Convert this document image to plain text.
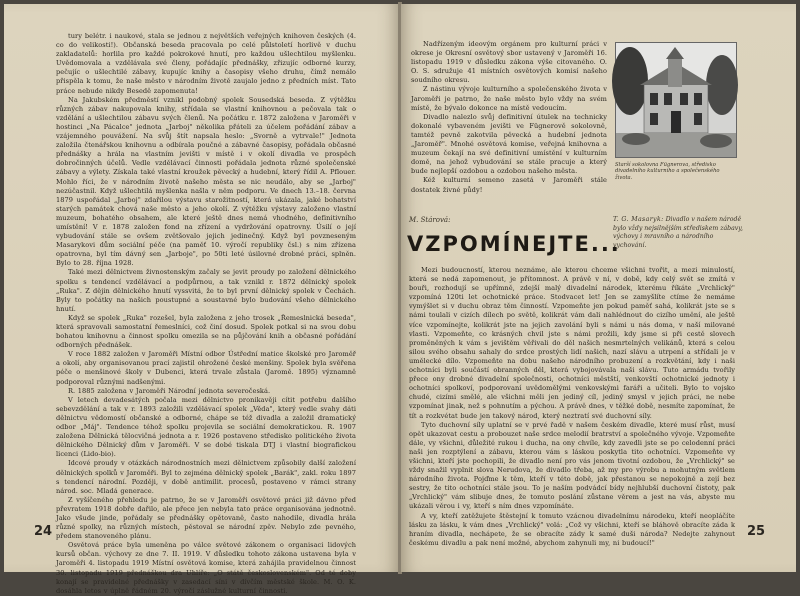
tury belétr. i naukové, stala se jednou z největších veřejných knihoven českých (4. co do velikosti!). Občanská beseda pracovala po celé půlstoletí horlivě v duchu zakladatelů: horlila pro každé pokrokové hnutí, pro každou ušlechtilou myšlenku. Uvědomovala a vzdělávala své členy, pořádajíc přednášky, zřizujíc odborné kurzy, pečujíc o ušlechtilé zábavy, kupujíc knihy a časopisy všeho druhu, čímž nemálo přispěla k tomu, že naše město v národním životě zaujalo jedno z předních míst. Tato práce nebude nikdy Besedě zapomenuta!

Na Jakubském předměstí vznikl podobný spolek Sousedská beseda. Z výtěžku různých zábav nakupovala knihy, střídala se vlastní knihovnou a pečovala tak o vzdělání a ušlechtilou zábavu svých členů. Na počátku r. 1872 založena v Jaroměři v hostinci „Na Pácalce" jednota „Jarboj" několika přáteli za účelem pořádání zábav a vzájemného pouvážení. Na svůj štít napsala heslo: „Svorně a vytrvale!" Jednota založila čtenářskou knihovnu a odbírala poučné a zábavné časopisy, pořádala občasné přednášky a hrála na vlastním jevišti v místě i v okolí divadla ve prospěch dobročinných účelů. Vedle vzdělávací činnosti pořádala jednota různé společenské zábavy a výlety. Získala také vlastní kroužek pěvecký a hudební, který řídil A. Pflouer. Mohlo říci, že v národním životě našeho města se nic neudálo, aby se „Jarboj" nezúčastnil. Když ušlechtilá myšlenka našla v něm podporu. Ve dnech 13.–18. června 1879 uspořádal „Jarboj" zdařilou výstavu starožitností, která ukázala, jaké bohatství starých památek chová naše město a jeho okolí. Z výtěžku výstavy založeno vlastní muzeum, bohatého obsahem, ale které ještě dnes nemá vhodného, definitivního umístění! V r. 1878 založen fond na zřízení a vydržování opatrovny. Úsilí o její vybudování stále se ovšem zvětšovalo jejich jedinečný. Když byl povzneseným Masarykovi dům sociální péče (na paměť 10. výročí republiky čsl.) s nim zřízena opatrovna, byl tím dávný sen „Jarboje", po 50ti leté úsilovné drobné práci, splněn. Bylo to 28. října 1928.

Také mezi dělnictvem živnostenským začaly se jevit proudy po založení dělnického spolku s tendencí vzdělávací a podpůrnou, a tak vznikl r. 1872 dělnický spolek „Ruka". Z dějin dělnického hnutí vyssvitá, že to byl první dělnický spolek v Čechách. Byly to počátky na našich poustupné a soustavné bylo budování všeho dělnického hnutí.

Když se spolek „Ruka" rozešel, byla založena z jeho trosek „Řemeslnická beseda", která spravovali samostatní řemeslníci, což činí dosud. Spolek potkal si na svou dobu bohatou knihovnu a činnost spolku omezila se na půjčování knih a občasné pořádání odborných přednášek.

V roce 1882 založen v Jaroměři Místní odbor Ústřední matice školské pro Jaroměř a okolí, aby organisovanou prací zajistil ohrožené české menšiny. Spolek byla svěřena péče o menšinové školy v Dubenci, která trvale zůstala (Jaromě. 1895) významně podporoval různými nadšenými.

R. 1885 založena v Jaroměři Národní jednota severočeská.

V letech devadesátých počala mezi dělnictvo pronikavěji cítit potřebu dalšího sebevzdělání a tak v r. 1893 založili vzdělávací spolek „Věda", který vedle svahy dáti dělnictvu vědomostí občanské a odborné, chápe se též divadla a založil dramatický odbor „Máj". Tendence téhož spolku projevila se sociální demokratickou. R. 1907 založena Dělnická tělocvičná jednota a r. 1926 postaveno střediskо politického života dělnického Dělnický dům v Jaroměři. V se dobé tiskala DTJ i vlastní biografickou licenci (Lido-bio).

Idcové proudy v otázkách národnostních mezi dělnictvem způsobily další založení dělnických spolků v Jaroměři. Byl to zejména dělnický spolek „Barák", zakl. roku 1897 s tendencí národní. Později, v době antimilit. procesů, postaveno v rámci strany národ. soc. Mladá generace.

Z vyšíčeného přehledu je patrno, že se v Jaroměři osvětové práci již dávno před převratem 1918 dobře dařilo, ale přece jen nebyla tato práce organisována jednotně. Jako všude jinde, pořádaly se přednášky opětovaně, často nahodile, divadla hrála různé spolky, na různých místech, pěstoval se národní zpěv. Nebylo zde pevného, předem stanoveného plánu.

Osvětová práce byla umeněna po válce světové zákonem o organisaci lidových kursů občan. výchovy ze dne 7. II. 1919. V důsledku tohoto zákona ustavena byla v Jaroměři 4. listopadu 1919 Místní osvětová komise, která zahájila pravidelnou činnost 30. listopadu 1919 přednáškou dra Uhlíře: „O státě československém". Od té doby konají se pravidelné přednášky v zasedací síni v dívčím městské škole. M. O. K. dosáhla letos v úplně řádném 20. výročí záslužné kulturní činnosti.

24

Nadřízeným ideovým orgánem pro kulturní práci v okrese je Okresní osvětový sbor ustavený v Jaroměři 16. listopadu 1919 v důsledku zákona výše citovaného. O. O. S. sdružuje 41 místních osvětových komisí našeho soudního okresu.

Z nástinu vývoje kulturního a společenského života v Jaroměři je patrno, že naše město bylo vždy na svém místě, že bývalo dokonce na místě vedoucím.

Divadlo nalezlo svůj definitivní útulek na technicky dokonalé vybaveném jevišti ve Fügnerově sokolovně, tamtéž pevně zakotvila pěvecká a hudební jednota „Jaroměř". Mnohé osvětová komise, veřejná knihovna a muzeum čekají na své definitivní umístění v kulturním domě, na jehož vybudování se stále pracuje a který bude nejlepší ozdobou a ozdobou našeho města.

Kéž kulturní semeno zasetá v Jaroměři stále dostatek živné půdy!

Starší sokolovna Fügnerova, středisko divadelního kulturního a společenského života.
M. Stárová:	T. G. Masaryk: Divadlo v našem národě bylo vždy nejsilnějším střediskem zábavy, výchovy i mravního a národního vychování.
VZPOMÍNEJTE...

Mezi budoucností, kterou neznáme, ale kterou chceme všichni tvořit, a mezi minulostí, která se nedá zapomenout, je přítomnost. A právě v ní, v době, kdy celý svět se zmítá v bouři, rozhodují se upřímně, zdejší malý divadelní národek, kterému říkáte „Vrchlický" vzpomíná 120ti let ochotnické práce. Stodvacet let! Jen se zamyšlíte ctíme že nemáme vymýšlet si v duchu obraz těm činností. Vzpomeňte jen pokud paměť sahá, kolikrát jste se s námi toulali v cizích dílech po světě, kolikrát vám dali nahlédnout do cizího umění, ale ještě více vzpomínejte, kolikrát jste na jejich zavolání byli s námi u nás doma, v naší milované vlasti. Vzpomeňte, co krásných chvil jste s námi prožili, kdy jsme si při cestě slovech proměněných k vám s jevištěm věřivali do děl našich nesmrtelných velikánů, která s celou silou svého obsahu sahaly do srdce prostých lidí našich, nazí slávu a utrpení a střídali je v umělecké dílo. Vzpomeňte na dobu našeho národního probuzení a rozkvětání, kdy i naši ochotníci byli součástí obranných děl, která vybojovávala naši slávu. Tuto armádu tvořily přece ony drobné divadelní společnosti, ochotníci městští, venkovští ochotnické jednoty i ochotníci spolkoví, podporovaní uvědomělými venkovskými faráři a učiteli. Bylo to vojsko chudé, cizími smělé, ale všichni měli jen jediný cíl, jediný smysl v jejich práci, ne nebe vzpomínat jinak, než s pohnutím a pýchou. A právě dnes, v těžké době, nesmíte zapomínat, že tít a rozkvétat bude jen takový národ, který neztratí své duchovní síly.

Tyto duchovní síly uplatní se v prvé řadě v našem českém divadle, které musí růst, musí opět ukazovat cestu a probouzet naše srdce melodií bratrství a společného vývoje. Vzpomeňte dále, vy všichni, důležité rukou i ducha, na ony chvíle, kdy zavedli jste se po celodenní práci naši jen rozptýlení a zábavu, kterou vám s láskou poskytla tito ochotníci. Vzpomeňte vy všichni, kteří jste pochopili, že divadlo není pro vás jenom tivotní ozdobou, že „Vrchlický" se vždy snažil vyplnit slova Nerudova, že divadlo třeba, až my pro výrobu a mohutným světlem národního života. Pojďme k těm, kteří v této době, jak přestanou se nepokojně a zejí bez sestry, že tito ochotníci stále jsou. To je naším podvádcí bídy nejhlubší duchovní čistoty, pak „Vrchlický" vám slibuje dnes, že tomuto poslání zůstane věrem a jest na vás, abyste mu ukázali věrou i vy, kteří s ním dnes vzpomínáte.

A vy, kteří zatěžujete štěstejní k tomuto vzácnou divadelnímu národeku, kteří neopláčíte lásku za lásku, k vám dnes „Vrchlický" volá: „Což vy všichni, kteří se bláhově obracíte záda k hraním divadla, nechápete, že se obracíte zády k samé duši národa? Nedejte zahynout českému divadlu a pak není možné, abychom zahynuli my, ni budoucí!"

25
